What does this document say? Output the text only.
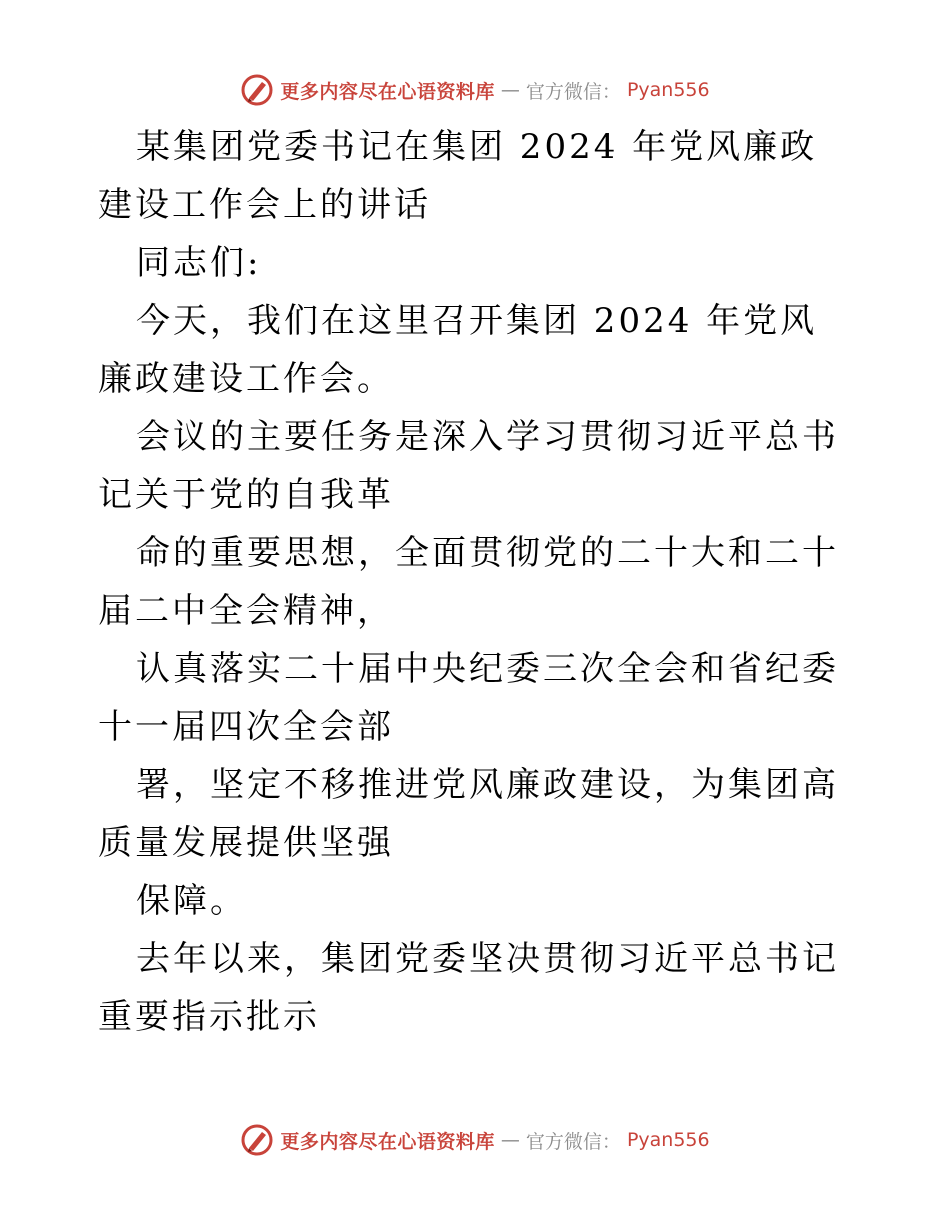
更多内容尽在心语资料库 — 官方微信： Pyan556

某集团党委书记在集团 2024 年党风廉政建设工作会上的讲话

同志们:

今天，我们在这里召开集团 2024 年党风廉政建设工作会。

会议的主要任务是深入学习贯彻习近平总书记关于党的自我革

命的重要思想，全面贯彻党的二十大和二十届二中全会精神，

认真落实二十届中央纪委三次全会和省纪委十一届四次全会部

署，坚定不移推进党风廉政建设，为集团高质量发展提供坚强

保障。

去年以来，集团党委坚决贯彻习近平总书记重要指示批示

更多内容尽在心语资料库 — 官方微信： Pyan556
